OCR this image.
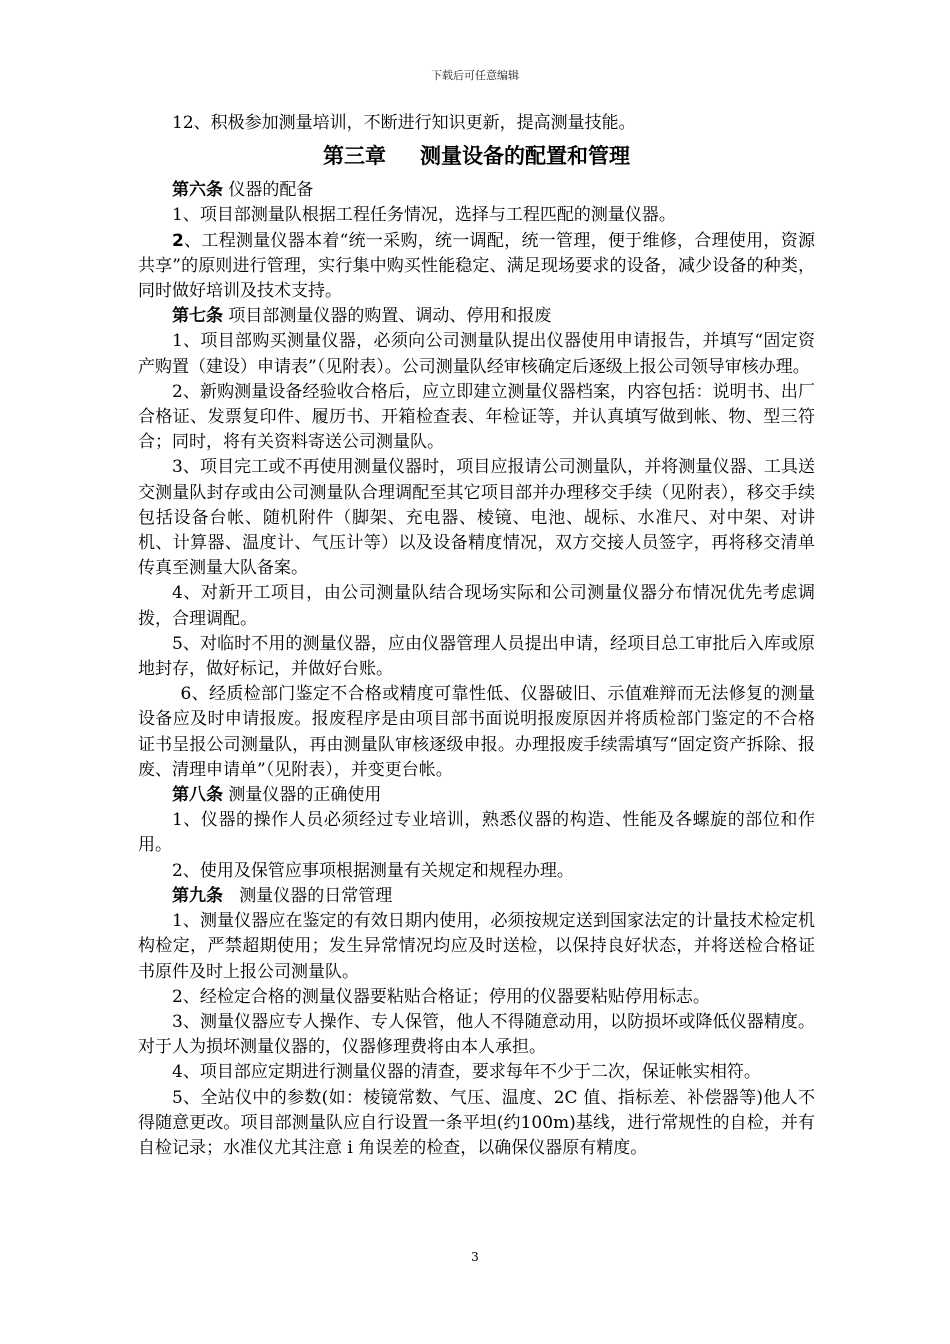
下载后可任意编辑

12、积极参加测量培训，不断进行知识更新，提高测量技能。

第三章 测量设备的配置和管理

第六条 仪器的配备

1、项目部测量队根据工程任务情况，选择与工程匹配的测量仪器。

2、工程测量仪器本着“统一采购，统一调配，统一管理，便于维修，合理使用，资源共享”的原则进行管理，实行集中购买性能稳定、满足现场要求的设备，减少设备的种类，同时做好培训及技术支持。

第七条 项目部测量仪器的购置、调动、停用和报废

1、项目部购买测量仪器，必须向公司测量队提出仪器使用申请报告，并填写“固定资产购置（建设）申请表”（见附表）。公司测量队经审核确定后逐级上报公司领导审核办理。

2、新购测量设备经验收合格后，应立即建立测量仪器档案，内容包括：说明书、出厂合格证、发票复印件、履历书、开箱检查表、年检证等，并认真填写做到帐、物、型三符合；同时，将有关资料寄送公司测量队。

3、项目完工或不再使用测量仪器时，项目应报请公司测量队，并将测量仪器、工具送交测量队封存或由公司测量队合理调配至其它项目部并办理移交手续（见附表），移交手续包括设备台帐、随机附件（脚架、充电器、棱镜、电池、觇标、水准尺、对中架、对讲机、计算器、温度计、气压计等）以及设备精度情况，双方交接人员签字，再将移交清单传真至测量大队备案。

4、对新开工项目，由公司测量队结合现场实际和公司测量仪器分布情况优先考虑调拨，合理调配。

5、对临时不用的测量仪器，应由仪器管理人员提出申请，经项目总工审批后入库或原地封存，做好标记，并做好台账。

6、经质检部门鉴定不合格或精度可靠性低、仪器破旧、示值难辩而无法修复的测量设备应及时申请报废。报废程序是由项目部书面说明报废原因并将质检部门鉴定的不合格证书呈报公司测量队，再由测量队审核逐级申报。办理报废手续需填写“固定资产拆除、报废、清理申请单”（见附表），并变更台帐。

第八条 测量仪器的正确使用

1、仪器的操作人员必须经过专业培训，熟悉仪器的构造、性能及各螺旋的部位和作用。

2、使用及保管应事项根据测量有关规定和规程办理。

第九条 测量仪器的日常管理

1、测量仪器应在鉴定的有效日期内使用，必须按规定送到国家法定的计量技术检定机构检定，严禁超期使用；发生异常情况均应及时送检，以保持良好状态，并将送检合格证书原件及时上报公司测量队。

2、经检定合格的测量仪器要粘贴合格证；停用的仪器要粘贴停用标志。

3、测量仪器应专人操作、专人保管，他人不得随意动用，以防损坏或降低仪器精度。对于人为损坏测量仪器的，仪器修理费将由本人承担。

4、项目部应定期进行测量仪器的清查，要求每年不少于二次，保证帐实相符。

5、全站仪中的参数(如：棱镜常数、气压、温度、2C 值、指标差、补偿器等)他人不得随意更改。项目部测量队应自行设置一条平坦(约100m)基线，进行常规性的自检，并有自检记录；水准仪尤其注意 i 角误差的检查，以确保仪器原有精度。

3
